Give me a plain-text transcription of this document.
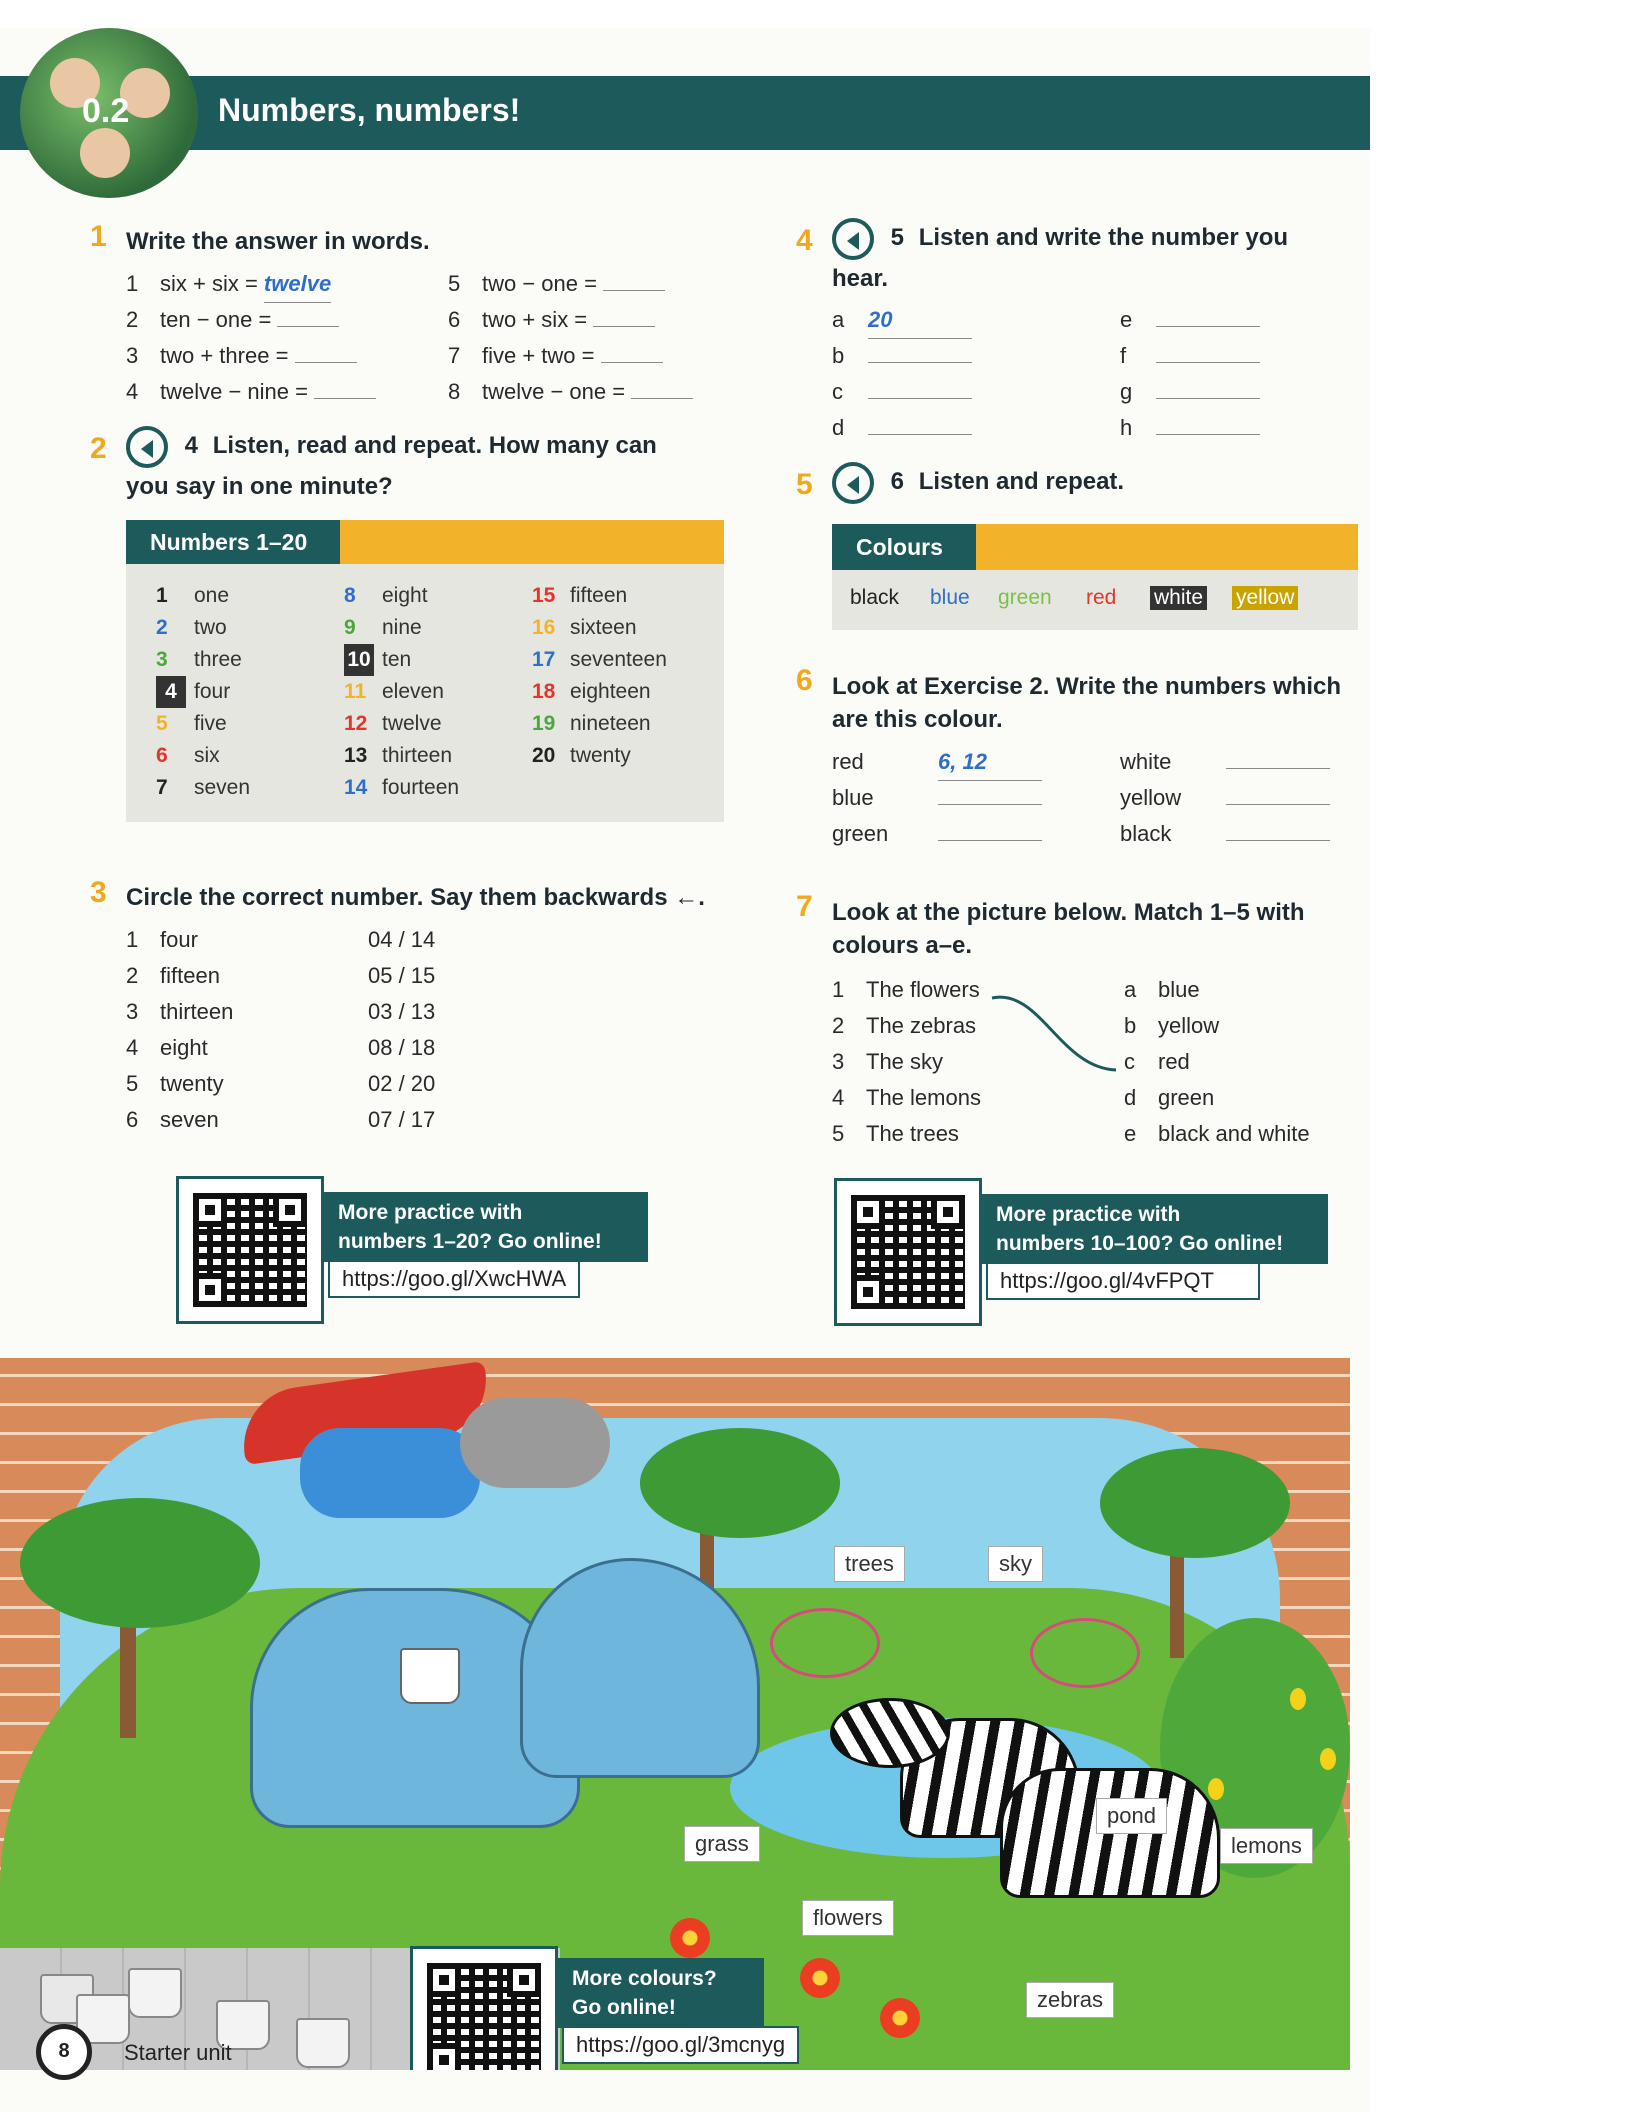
0.2	Numbers, numbers!
1 Write the answer in words.
1 six + six = twelve
2 ten − one =
3 two + three =
4 twelve − nine =
5 two − one =
6 two + six =
7 five + two =
8 twelve − one =
2	4 Listen, read and repeat. How many can
you say in one minute?
Numbers 1–20
1 one
2 two
3 three
4 four
5 five
6 six
7 seven
8 eight
9 nine
10 ten
11 eleven
12 twelve
13 thirteen
14 fourteen
15 fifteen
16 sixteen
17 seventeen
18 eighteen
19 nineteen
20 twenty
3 Circle the correct number. Say them backwards ←.
1 four	04 / 14
2 fifteen	05 / 15
3 thirteen	03 / 13
4 eight	08 / 18
5 twenty	02 / 20
6 seven	07 / 17
4	5 Listen and write the number you
hear.
a 20
b
c
d
e
f
g
h
5	6 Listen and repeat.
Colours
black blue green red white yellow
6 Look at Exercise 2. Write the numbers which
are this colour.
red	6, 12
blue
green
white
yellow
black
7 Look at the picture below. Match 1–5 with
colours a–e.
1 The flowers
2 The zebras
3 The sky
4 The lemons
5 The trees
a blue
b yellow
c red
d green
e black and white
More practice with
numbers 1–20? Go online!
https://goo.gl/XwcHWA
More practice with
numbers 10–100? Go online!
https://goo.gl/4vFPQT
trees	sky
grass
pond
lemons
flowers
zebras
More colours?
Go online!
https://goo.gl/3mcnyg
8	Starter unit
